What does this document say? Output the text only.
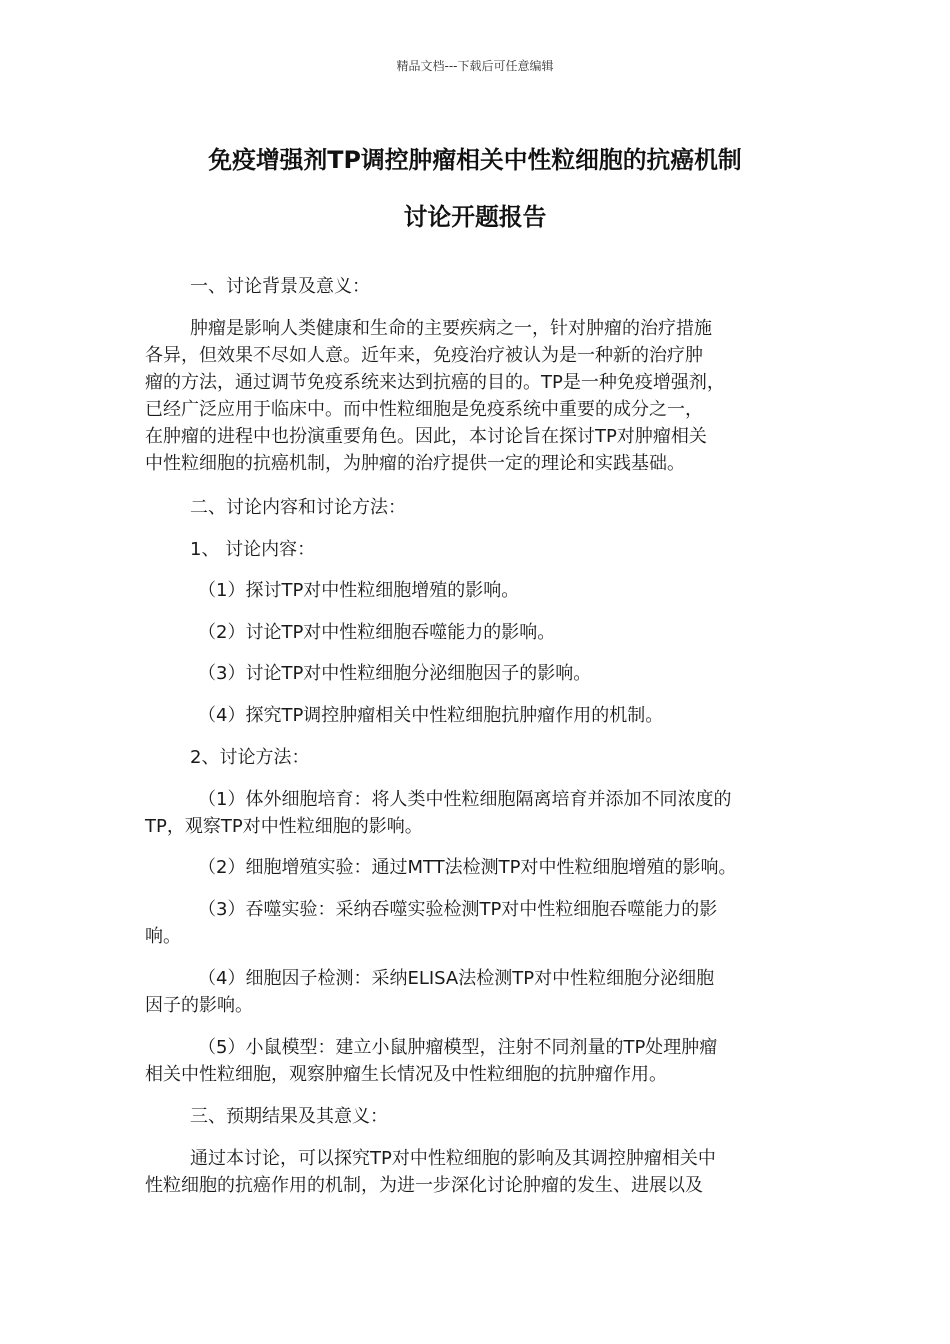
精品文档---下载后可任意编辑
免疫增强剂TP调控肿瘤相关中性粒细胞的抗癌机制
讨论开题报告
一、讨论背景及意义：
肿瘤是影响人类健康和生命的主要疾病之一，针对肿瘤的治疗措施
各异，但效果不尽如人意。近年来，免疫治疗被认为是一种新的治疗肿
瘤的方法，通过调节免疫系统来达到抗癌的目的。TP是一种免疫增强剂，
已经广泛应用于临床中。而中性粒细胞是免疫系统中重要的成分之一，
在肿瘤的进程中也扮演重要角色。因此，本讨论旨在探讨TP对肿瘤相关
中性粒细胞的抗癌机制，为肿瘤的治疗提供一定的理论和实践基础。
二、讨论内容和讨论方法：
1、 讨论内容：
（1）探讨TP对中性粒细胞增殖的影响。
（2）讨论TP对中性粒细胞吞噬能力的影响。
（3）讨论TP对中性粒细胞分泌细胞因子的影响。
（4）探究TP调控肿瘤相关中性粒细胞抗肿瘤作用的机制。
2、讨论方法：
（1）体外细胞培育：将人类中性粒细胞隔离培育并添加不同浓度的
TP，观察TP对中性粒细胞的影响。
（2）细胞增殖实验：通过MTT法检测TP对中性粒细胞增殖的影响。
（3）吞噬实验：采纳吞噬实验检测TP对中性粒细胞吞噬能力的影
响。
（4）细胞因子检测：采纳ELISA法检测TP对中性粒细胞分泌细胞
因子的影响。
（5）小鼠模型：建立小鼠肿瘤模型，注射不同剂量的TP处理肿瘤
相关中性粒细胞，观察肿瘤生长情况及中性粒细胞的抗肿瘤作用。
三、预期结果及其意义：
通过本讨论，可以探究TP对中性粒细胞的影响及其调控肿瘤相关中
性粒细胞的抗癌作用的机制，为进一步深化讨论肿瘤的发生、进展以及
